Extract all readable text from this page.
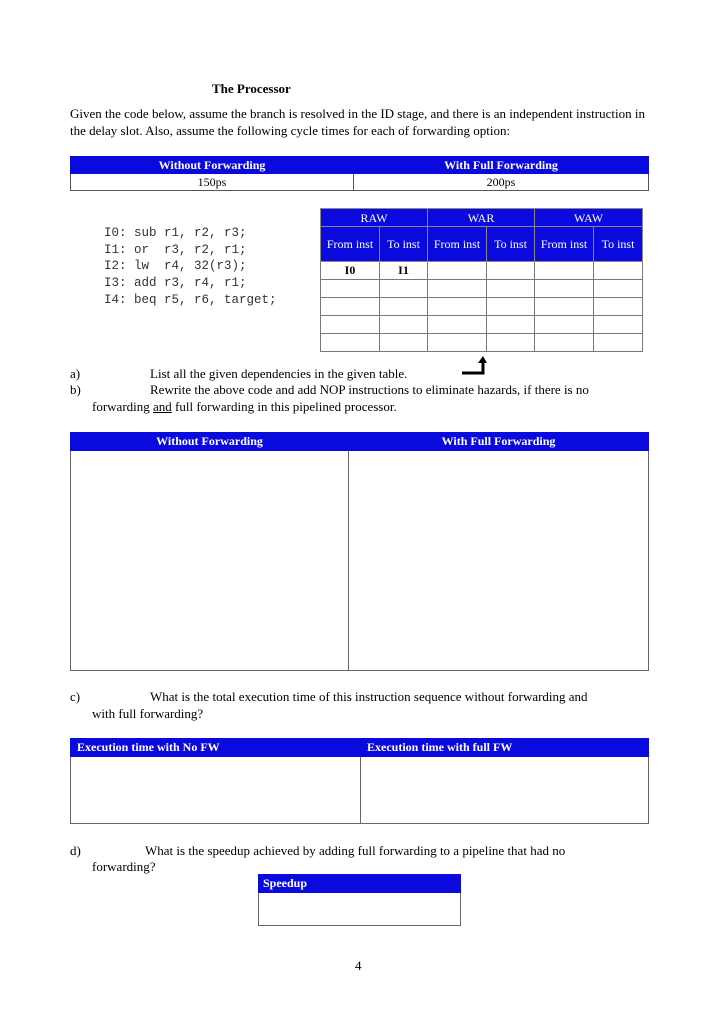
The Processor
Given the code below, assume the branch is resolved in the ID stage, and there is an independent instruction in the delay slot. Also, assume the following cycle times for each of forwarding option:
Without Forwarding	With Full Forwarding
150ps	200ps
I0: sub r1, r2, r3;
I1: or  r3, r2, r1;
I2: lw  r4, 32(r3);
I3: add r3, r4, r1;
I4: beq r5, r6, target;
RAW		WAR		WAW	
From inst	To inst	From inst	To inst	From inst	To inst
I0	I1				

a)	List all the given dependencies in the given table.
b)	Rewrite the above code and add NOP instructions to eliminate hazards, if there is no
forwarding and full forwarding in this pipelined processor.
Without Forwarding	With Full Forwarding

c)	What is the total execution time of this instruction sequence without forwarding and
with full forwarding?
Execution time with No FW	Execution time with full FW

d)	What is the speedup achieved by adding full forwarding to a pipeline that had no
forwarding?
Speedup

4
